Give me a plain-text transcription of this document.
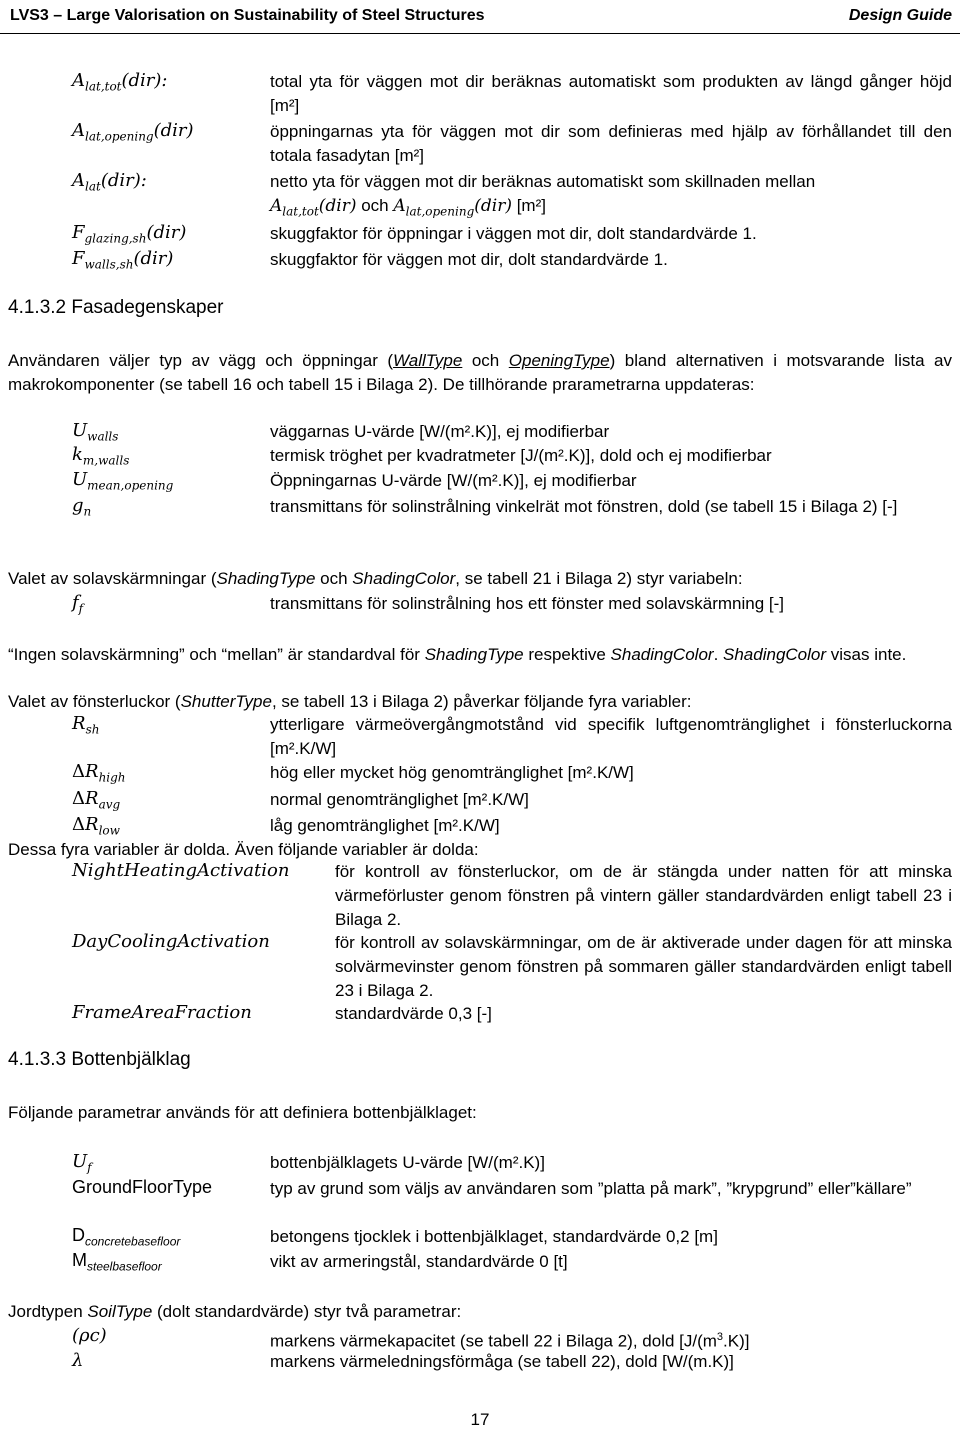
LVS3 – Large Valorisation on Sustainability of Steel Structures	Design Guide
$A_{lat,tot}(dir)$:	total yta för väggen mot dir beräknas automatiskt som produkten av längd gånger höjd [m²]
$A_{lat,opening}(dir)$	öppningarnas yta för väggen mot dir som definieras med hjälp av förhållandet till den totala fasadytan [m²]
$A_{lat}(dir)$:	netto yta för väggen mot dir beräknas automatiskt som skillnaden mellan
$A_{lat,tot}(dir)$ och $A_{lat,opening}(dir)$ [m²]
$F_{glazing,sh}(dir)$	skuggfaktor för öppningar i väggen mot dir, dolt standardvärde 1.
$F_{walls,sh}(dir)$	skuggfaktor för väggen mot dir, dolt standardvärde 1.
4.1.3.2 Fasadegenskaper
Användaren väljer typ av vägg och öppningar (WallType och OpeningType) bland alternativen i motsvarande lista av makrokomponenter (se tabell 16 och tabell 15 i Bilaga 2). De tillhörande prarametrarna uppdateras:
$U_{walls}$	väggarnas U-värde [W/(m².K)], ej modifierbar
$k_{m,walls}$	termisk tröghet per kvadratmeter [J/(m².K)], dold och ej modifierbar
$U_{mean,opening}$	Öppningarnas U-värde [W/(m².K)], ej modifierbar
$g_n$	transmittans för solinstrålning vinkelrät mot fönstren, dold (se tabell 15 i Bilaga 2) [-]
Valet av solavskärmningar (ShadingType och ShadingColor, se tabell 21 i Bilaga 2) styr variabeln:
$f_f$	transmittans för solinstrålning hos ett fönster med solavskärmning [-]
“Ingen solavskärmning” och “mellan” är standardval för ShadingType respektive ShadingColor. ShadingColor visas inte.
Valet av fönsterluckor (ShutterType, se tabell 13 i Bilaga 2) påverkar följande fyra variabler:
$R_{sh}$	ytterligare värmeövergångmotstånd vid specifik luftgenomtränglighet i fönsterluckorna [m².K/W]
$\Delta R_{high}$	hög eller mycket hög genomtränglighet [m².K/W]
$\Delta R_{avg}$	normal genomtränglighet [m².K/W]
$\Delta R_{low}$	låg genomtränglighet [m².K/W]
Dessa fyra variabler är dolda. Även följande variabler är dolda:
NightHeatingActivation	för kontroll av fönsterluckor, om de är stängda under natten för att minska värmeförluster genom fönstren på vintern gäller standardvärden enligt tabell 23 i Bilaga 2.
DayCoolingActivation	för kontroll av solavskärmningar, om de är aktiverade under dagen för att minska solvärmevinster genom fönstren på sommaren gäller standardvärden enligt tabell 23 i Bilaga 2.
FrameAreaFraction	standardvärde 0,3 [-]
4.1.3.3 Bottenbjälklag
Följande parametrar används för att definiera bottenbjälklaget:
$U_f$	bottenbjälklagets U-värde [W/(m².K)]
GroundFloorType	typ av grund som väljs av användaren som ”platta på mark”, ”krypgrund” eller”källare”
$D_{concretebasefloor}$	betongens tjocklek i bottenbjälklaget, standardvärde 0,2 [m]
$M_{steelbasefloor}$	vikt av armeringstål, standardvärde 0 [t]
Jordtypen SoilType (dolt standardvärde) styr två parametrar:
(ρc)	markens värmekapacitet (se tabell 22 i Bilaga 2), dold $[J/(m^3.K)]$
λ	markens värmeledningsförmåga (se tabell 22), dold [W/(m.K)]
17
